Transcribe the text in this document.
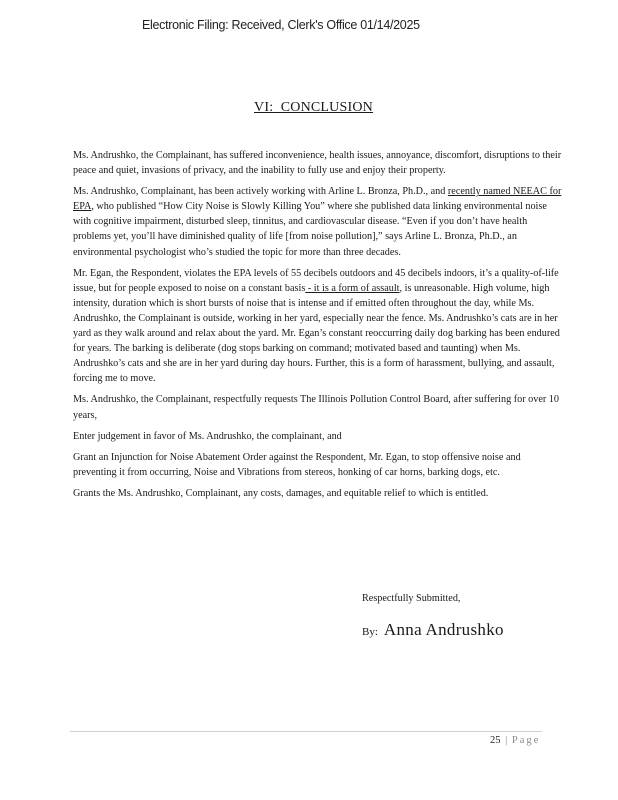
Electronic Filing: Received, Clerk's Office 01/14/2025
VI: CONCLUSION

Ms. Andrushko, the Complainant, has suffered inconvenience, health issues, annoyance, discomfort, disruptions to their peace and quiet, invasions of privacy, and the inability to fully use and enjoy their property.

Ms. Andrushko, Complainant, has been actively working with Arline L. Bronza, Ph.D., and recently named NEEAC for EPA, who published “How City Noise is Slowly Killing You” where she published data linking environmental noise with cognitive impairment, disturbed sleep, tinnitus, and cardiovascular disease. “Even if you don’t have health problems yet, you’ll have diminished quality of life [from noise pollution],” says Arline L. Bronza, Ph.D., an environmental psychologist who’s studied the topic for more than three decades.

Mr. Egan, the Respondent, violates the EPA levels of 55 decibels outdoors and 45 decibels indoors, it’s a quality-of-life issue, but for people exposed to noise on a constant basis - it is a form of assault, is unreasonable. High volume, high intensity, duration which is short bursts of noise that is intense and if emitted often throughout the day, while Ms. Andrushko, the Complainant is outside, working in her yard, especially near the fence. Ms. Andrushko’s cats are in her yard as they walk around and relax about the yard. Mr. Egan’s constant reoccurring daily dog barking has been endured for years. The barking is deliberate (dog stops barking on command; motivated based and taunting) when Ms. Andrushko’s cats and she are in her yard during day hours. Further, this is a form of harassment, bullying, and assault, forcing me to move.

Ms. Andrushko, the Complainant, respectfully requests The Illinois Pollution Control Board, after suffering for over 10 years,

Enter judgement in favor of Ms. Andrushko, the complainant, and

Grant an Injunction for Noise Abatement Order against the Respondent, Mr. Egan, to stop offensive noise and preventing it from occurring, Noise and Vibrations from stereos, honking of car horns, barking dogs, etc.

Grants the Ms. Andrushko, Complainant, any costs, damages, and equitable relief to which is entitled.

Respectfully Submitted,
By: Anna Andrushko
25 | Page
